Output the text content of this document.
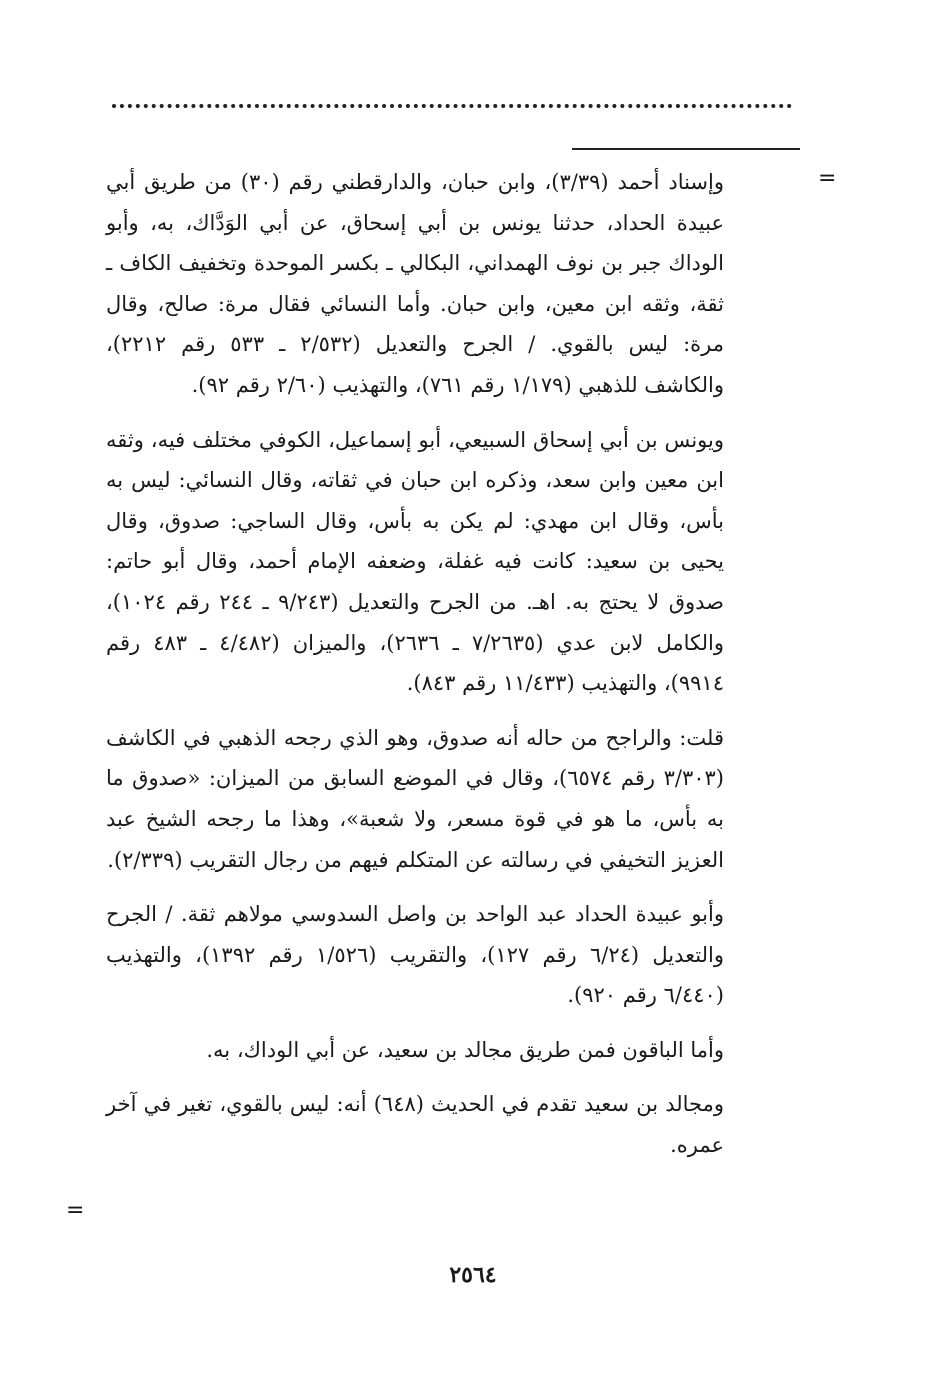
=

وإسناد أحمد (٣/٣٩)، وابن حبان، والدارقطني رقم (٣٠) من طريق أبي عبيدة الحداد، حدثنا يونس بن أبي إسحاق، عن أبي الوَدَّاك، به، وأبو الوداك جبر بن نوف الهمداني، البكالي ـ بكسر الموحدة وتخفيف الكاف ـ ثقة، وثقه ابن معين، وابن حبان. وأما النسائي فقال مرة: صالح، وقال مرة: ليس بالقوي. / الجرح والتعديل (٢/٥٣٢ ـ ٥٣٣ رقم ٢٢١٢)، والكاشف للذهبي (١/١٧٩ رقم ٧٦١)، والتهذيب (٢/٦٠ رقم ٩٢).

ويونس بن أبي إسحاق السبيعي، أبو إسماعيل، الكوفي مختلف فيه، وثقه ابن معين وابن سعد، وذكره ابن حبان في ثقاته، وقال النسائي: ليس به بأس، وقال ابن مهدي: لم يكن به بأس، وقال الساجي: صدوق، وقال يحيى بن سعيد: كانت فيه غفلة، وضعفه الإمام أحمد، وقال أبو حاتم: صدوق لا يحتج به. اهـ. من الجرح والتعديل (٩/٢٤٣ ـ ٢٤٤ رقم ١٠٢٤)، والكامل لابن عدي (٧/٢٦٣٥ ـ ٢٦٣٦)، والميزان (٤/٤٨٢ ـ ٤٨٣ رقم ٩٩١٤)، والتهذيب (١١/٤٣٣ رقم ٨٤٣).

قلت: والراجح من حاله أنه صدوق، وهو الذي رجحه الذهبي في الكاشف (٣/٣٠٣ رقم ٦٥٧٤)، وقال في الموضع السابق من الميزان: «صدوق ما به بأس، ما هو في قوة مسعر، ولا شعبة»، وهذا ما رجحه الشيخ عبد العزيز التخيفي في رسالته عن المتكلم فيهم من رجال التقريب (٢/٣٣٩).

وأبو عبيدة الحداد عبد الواحد بن واصل السدوسي مولاهم ثقة. / الجرح والتعديل (٦/٢٤ رقم ١٢٧)، والتقريب (١/٥٢٦ رقم ١٣٩٢)، والتهذيب (٦/٤٤٠ رقم ٩٢٠).

وأما الباقون فمن طريق مجالد بن سعيد، عن أبي الوداك، به.

ومجالد بن سعيد تقدم في الحديث (٦٤٨) أنه: ليس بالقوي، تغير في آخر عمره.

=
٢٥٦٤
